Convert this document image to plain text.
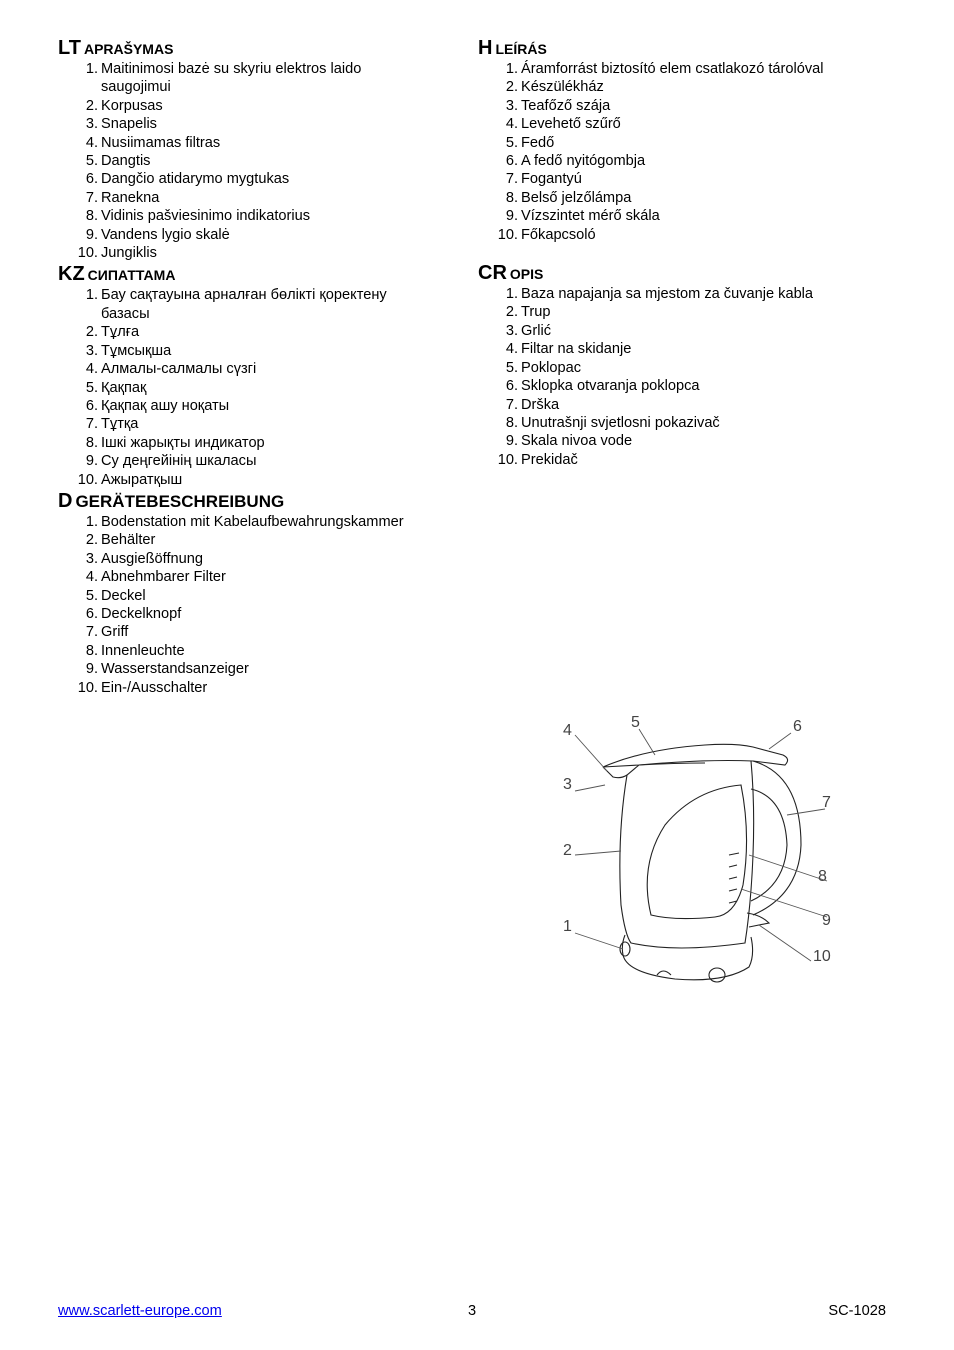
LT APRAŠYMAS
1. Maitinimosi bazė su skyriu elektros laido
saugojimui
2. Korpusas
3. Snapelis
4. Nusiimamas filtras
5. Dangtis
6. Dangčio atidarymo mygtukas
7. Ranekna
8. Vidinis pašviesinimo indikatorius
9. Vandens lygio skalė
10. Jungiklis
KZ СИПАТТАМА
1. Бау сақтауына арналған бөлікті қоректену
базасы
2. Тұлға
3. Тұмсықша
4. Алмалы-салмалы сүзгі
5. Қақпақ
6. Қақпақ ашу ноқаты
7. Тұтқа
8. Ішкі жарықты индикатор
9. Су деңгейінің шкаласы
10. Ажыратқыш
D GERÄTEBESCHREIBUNG
1. Bodenstation mit Kabelaufbewahrungskammer
2. Behälter
3. Ausgießöffnung
4. Abnehmbarer Filter
5. Deckel
6. Deckelknopf
7. Griff
8. Innenleuchte
9. Wasserstandsanzeiger
10. Ein-/Ausschalter
H LEÍRÁS
1. Áramforrást biztosító elem csatlakozó tárolóval
2. Készülékház
3. Teafőző szája
4. Levehető szűrő
5. Fedő
6. A fedő nyitógombja
7. Fogantyú
8. Belső jelzőlámpa
9. Vízszintet mérő skála
10. Főkapcsoló
CR OPIS
1. Baza napajanja sa mjestom za čuvanje kabla
2. Trup
3. Grlić
4. Filtar na skidanje
5. Poklopac
6. Sklopka otvaranja poklopca
7. Drška
8. Unutrašnji svjetlosni pokazivač
9. Skala nivoa vode
10. Prekidač
4
3
2
1
5	6
7
8
9
10
www.scarlett-europe.com	3	SC-1028
